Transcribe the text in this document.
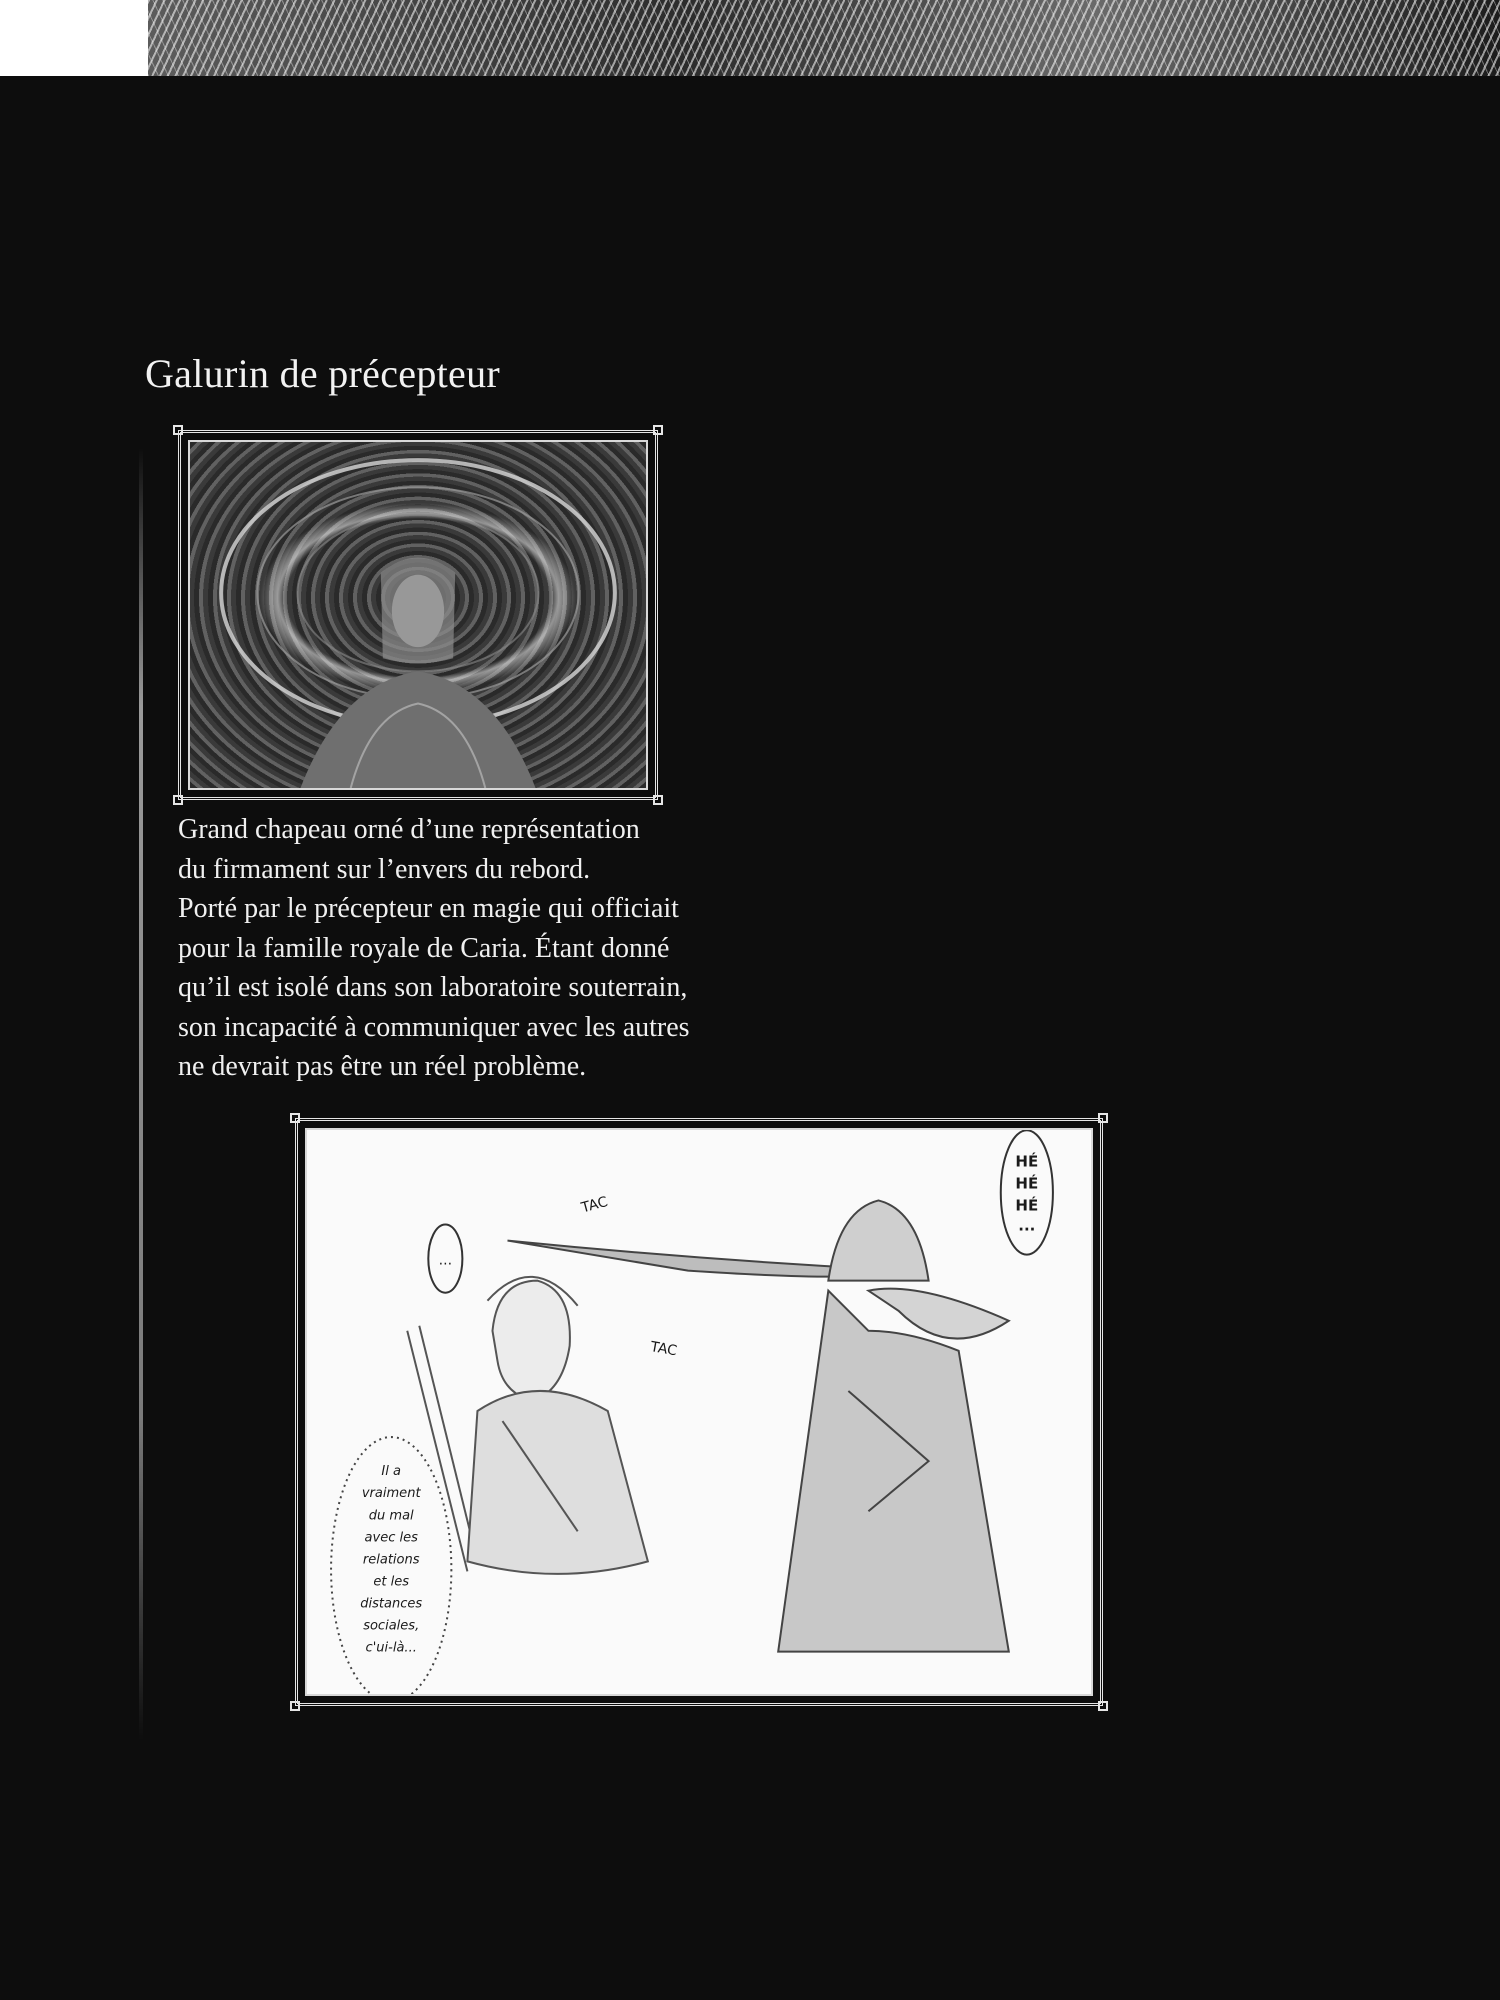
Galurin de précepteur
Grand chapeau orné d’une représentation
du firmament sur l’envers du rebord.
Porté par le précepteur en magie qui officiait
pour la famille royale de Caria. Étant donné
qu’il est isolé dans son laboratoire souterrain,
son incapacité à communiquer avec les autres
ne devrait pas être un réel problème.
...
HÉ
HÉ
HÉ
...
TAC
TAC
Il a
vraiment
du mal
avec les
relations
et les
distances
sociales,
c'ui-là...
